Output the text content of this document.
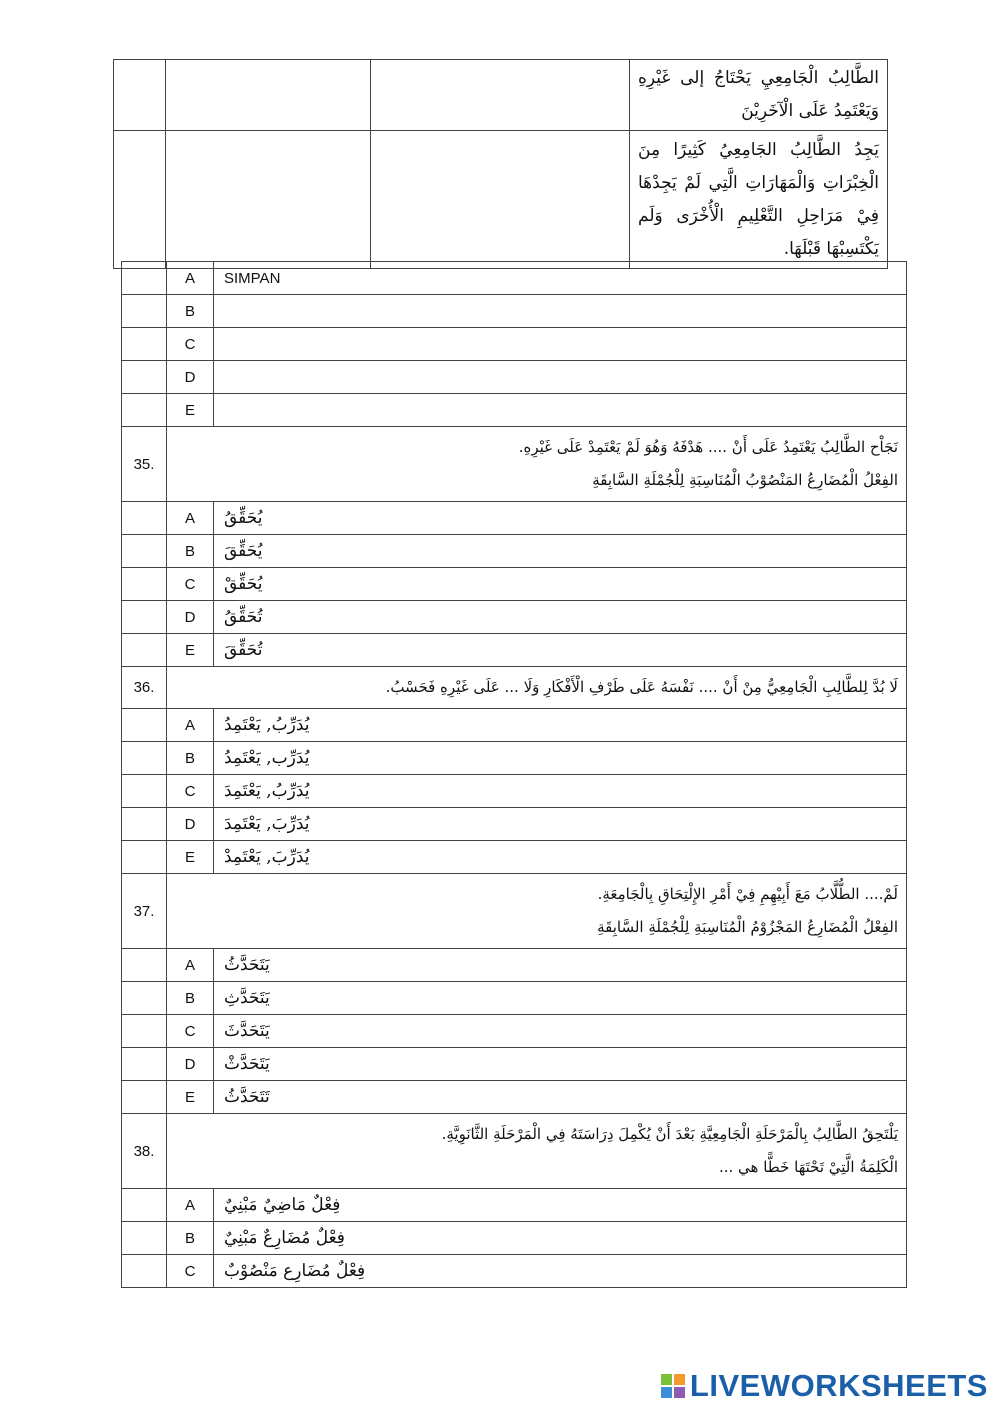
			الطَّالِبُ الْجَامِعِيِ يَحْتَاجُ إلى غَيْرِهِ وَيَعْتَمِدُ عَلَى الْآخَرِيْنَ
			يَجِدُ الطَّالِبُ الجَامِعِيُ كَثِيرًا مِنَ الْخِبْرَاتِ وَالْمَهَارَاتِ الَّتِي لَمْ يَجِدْهَا فِيْ مَرَاحِلِ التَّعْلِيمِ الْأُخْرَى وَلَم يَكْتَسِبْهَا قَبْلَهَا.
	A	SIMPAN
	B	
	C	
	D	
	E	
35.	نَجَاْح الطَّالِبُ يَعْتَمِدُ عَلَى أَنْ .... هَدْفَهُ وَهُوَ لَمْ يَعْتَمِدْ عَلَى غَيْرِهِ.
الفِعْلُ الْمُضَارِعُ المَنْصُوْبُ الْمُنَاسِبَةِ لِلْجُمْلَةِ السَّابِقَةِ	

	A	يُحَقِّقُ
	B	يُحَقِّقَ
	C	يُحَقِّقْ
	D	تُحَقِّقُ
	E	تُحَقِّقَ
36.	لَا بُدَّ لِلطَّالِبِ الْجَامِعِيُّ مِنْ أَنْ .... نَفْسَهُ عَلَى طَرْفِ الْأَفْكَارِ وَلَا ... عَلَى غَيْرِهِ فَحَسْبُ.	

	A	يُدَرِّبُ, يَعْتَمِدُ
	B	يُدَرِّب, يَعْتَمِدُ
	C	يُدَرِّبُ, يَعْتَمِدَ
	D	يُدَرِّبَ, يَعْتَمِدَ
	E	يُدَرِّبَ, يَعْتَمِدْ
37.	لَمْ.... الطُّلَّابُ مَعَ أَبِيْهِمِ فِيْ أَمْرِ الإِلْتِحَاقِ بِالْجَامِعَةِ.
الفِعْلُ الْمُضَارِعُ المَجْزُوْمُ الْمُنَاسِبَةِ لِلْجُمْلَةِ السَّابِقَةِ	

	A	يَتَحَدَّثُ
	B	يَتَحَدَّثِ
	C	يَتَحَدَّثَ
	D	يَتَحَدَّثْ
	E	تَتَحَدَّثُ
38.	يَلْتَحِقُ الطَّالِبُ بِالْمَرْحَلَةِ الْجَامِعِيَّةِ بَعْدَ أَنْ يُكْمِلَ دِرَاسَتَهُ فِي الْمَرْحَلَةِ الثَّانَوِيَّةِ.
الْكَلِمَةُ الَّتِيْ تَحْتَهَا خَطًّا هي ...	

	A	فِعْلٌ مَاضِيٌ مَبْنِيٌ
	B	فِعْلٌ مُضَارِعٌ مَبْنِيٌ
	C	فِعْلٌ مُضَارِع مَنْصُوْبٌ
LIVEWORKSHEETS
